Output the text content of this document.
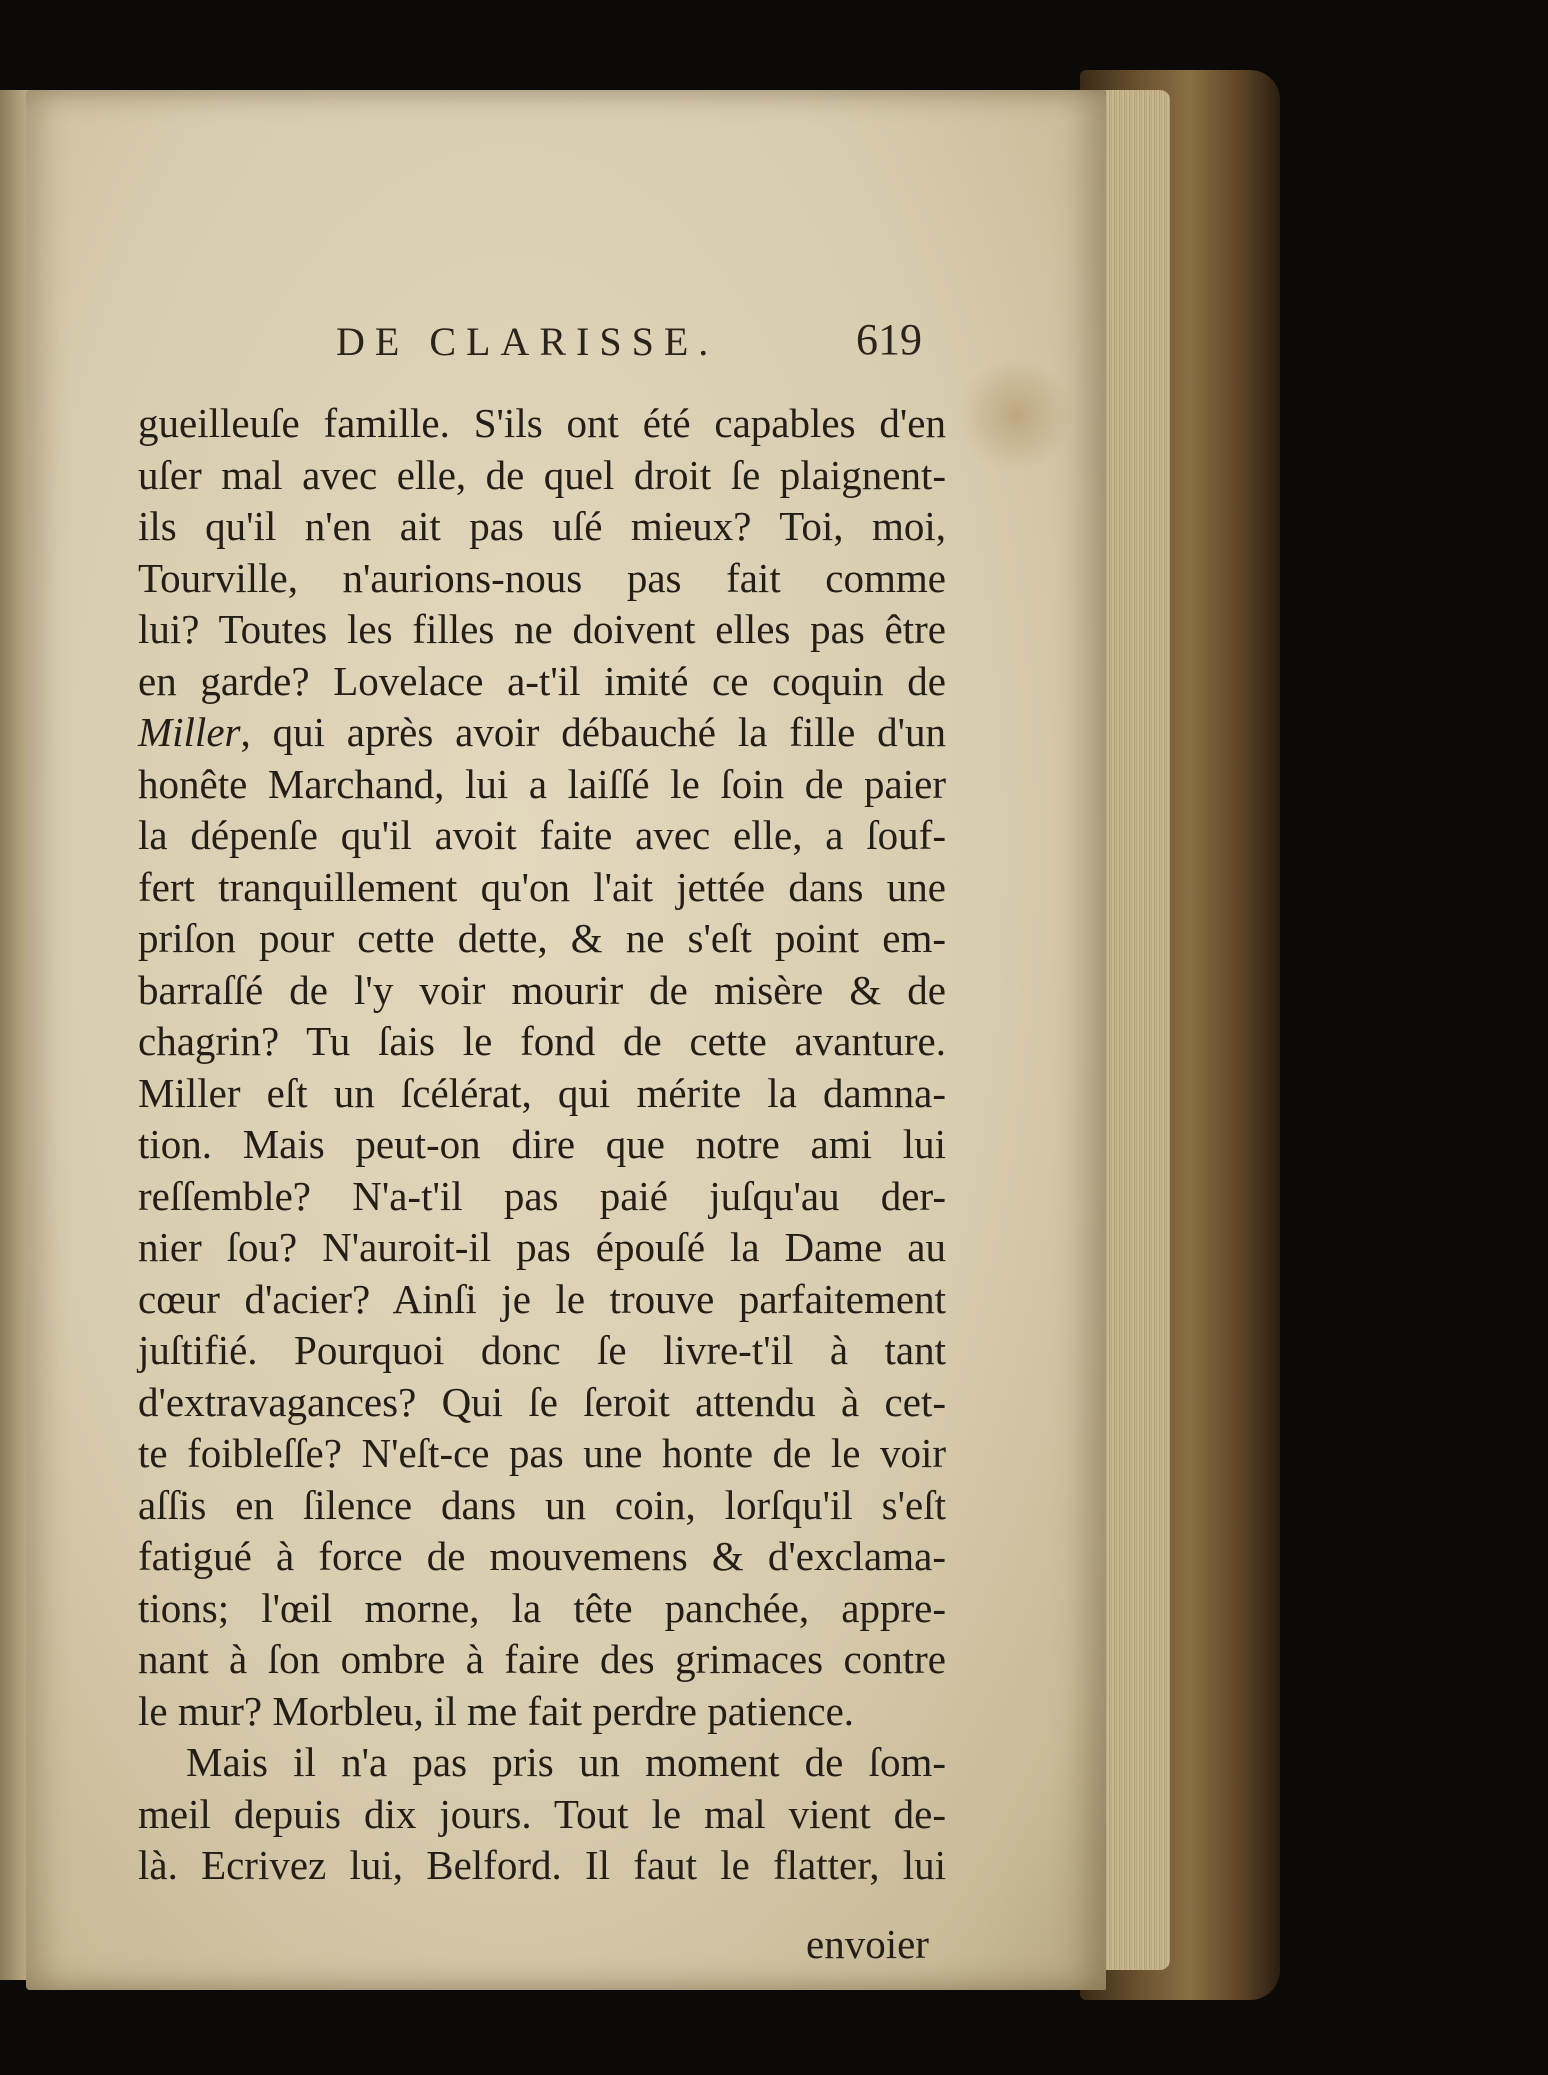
DE CLARISSE.	619
gueilleuſe famille. S'ils ont été capables d'en
uſer mal avec elle, de quel droit ſe plaignent-
ils qu'il n'en ait pas uſé mieux? Toi, moi,
Tourville, n'aurions-nous pas fait comme
lui? Toutes les filles ne doivent elles pas être
en garde? Lovelace a-t'il imité ce coquin de
Miller, qui après avoir débauché la fille d'un
honête Marchand, lui a laiſſé le ſoin de paier
la dépenſe qu'il avoit faite avec elle, a ſouf-
fert tranquillement qu'on l'ait jettée dans une
priſon pour cette dette, & ne s'eſt point em-
barraſſé de l'y voir mourir de misère & de
chagrin? Tu ſais le fond de cette avanture.
Miller eſt un ſcélérat, qui mérite la damna-
tion. Mais peut-on dire que notre ami lui
reſſemble? N'a-t'il pas paié juſqu'au der-
nier ſou? N'auroit-il pas épouſé la Dame au
cœur d'acier? Ainſi je le trouve parfaitement
juſtifié. Pourquoi donc ſe livre-t'il à tant
d'extravagances? Qui ſe ſeroit attendu à cet-
te foibleſſe? N'eſt-ce pas une honte de le voir
aſſis en ſilence dans un coin, lorſqu'il s'eſt
fatigué à force de mouvemens & d'exclama-
tions; l'œil morne, la tête panchée, appre-
nant à ſon ombre à faire des grimaces contre
le mur? Morbleu, il me fait perdre patience.
Mais il n'a pas pris un moment de ſom-
meil depuis dix jours. Tout le mal vient de-
là. Ecrivez lui, Belford. Il faut le flatter, lui
envoier
